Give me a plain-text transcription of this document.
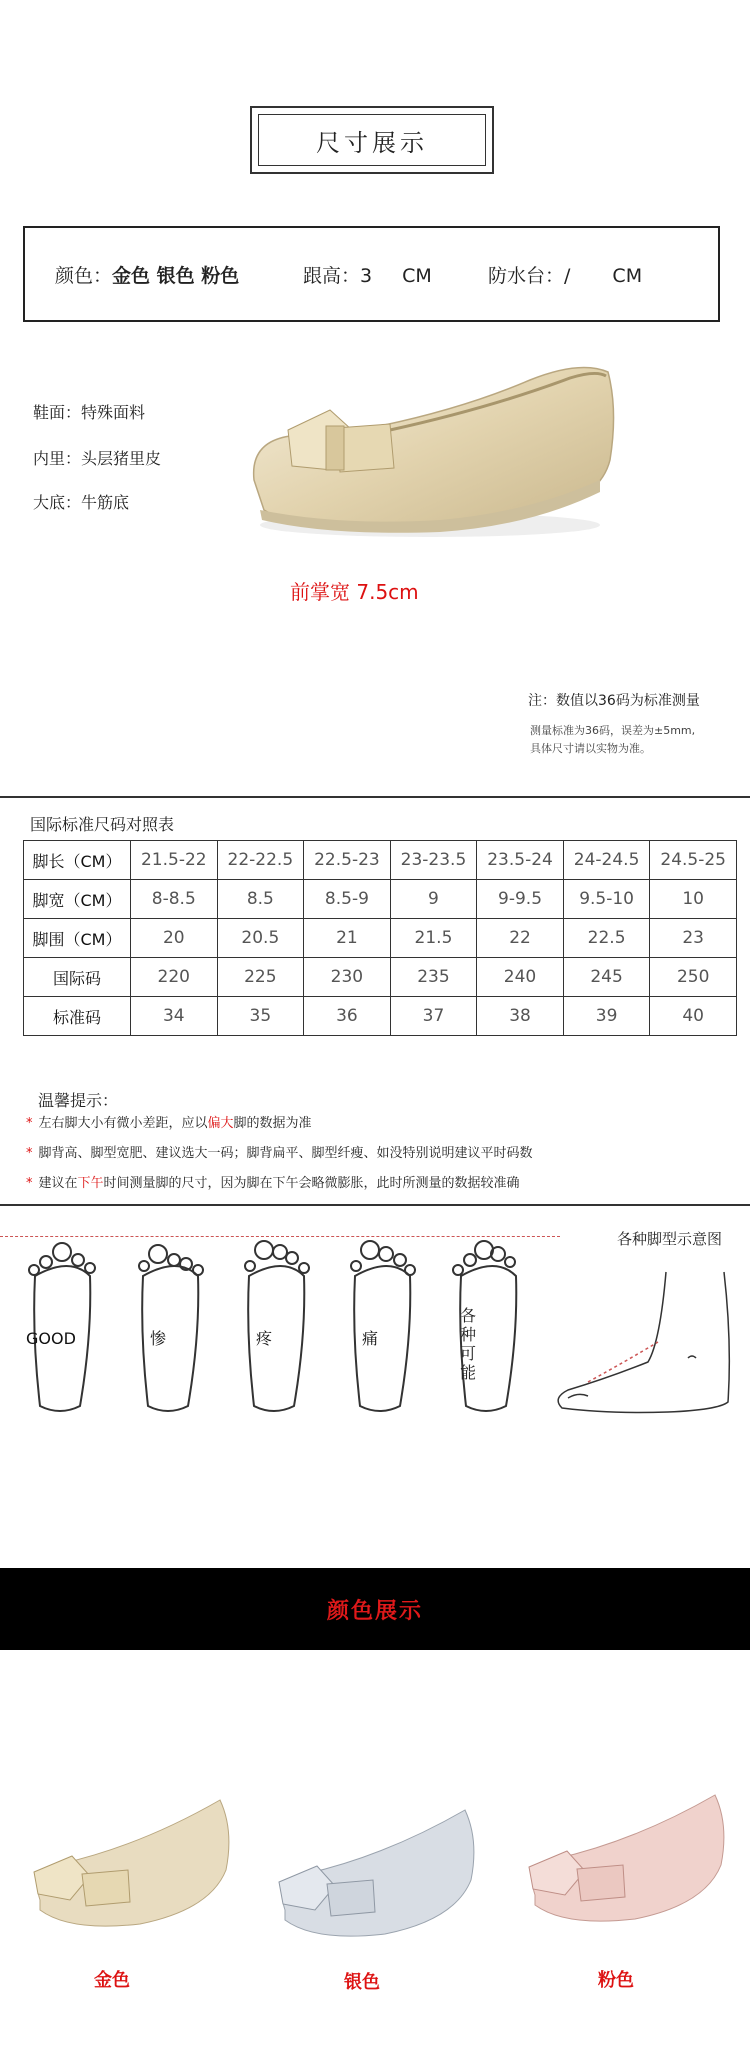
尺寸展示
颜色：金色 银色 粉色	跟高：3 CM	防水台：/ CM
鞋面：特殊面料
内里：头层猪里皮
大底：牛筋底
前掌宽 7.5cm
注：数值以36码为标准测量
测量标准为36码，误差为±5mm,
具体尺寸请以实物为准。
国际标准尺码对照表
脚长（CM）	21.5-22	22-22.5	22.5-23	23-23.5	23.5-24	24-24.5	24.5-25
脚宽（CM）	8-8.5	8.5	8.5-9	9	9-9.5	9.5-10	10
脚围（CM）	20	20.5	21	21.5	22	22.5	23
国际码	220	225	230	235	240	245	250
标准码	34	35	36	37	38	39	40
温馨提示：
* 左右脚大小有微小差距，应以偏大脚的数据为准
* 脚背高、脚型宽肥、建议选大一码；脚背扁平、脚型纤瘦、如没特别说明建议平时码数
* 建议在下午时间测量脚的尺寸，因为脚在下午会略微膨胀，此时所测量的数据较准确
各种脚型示意图
GOOD	惨	疼	痛
各种可能
颜色展示
金色	银色	粉色
